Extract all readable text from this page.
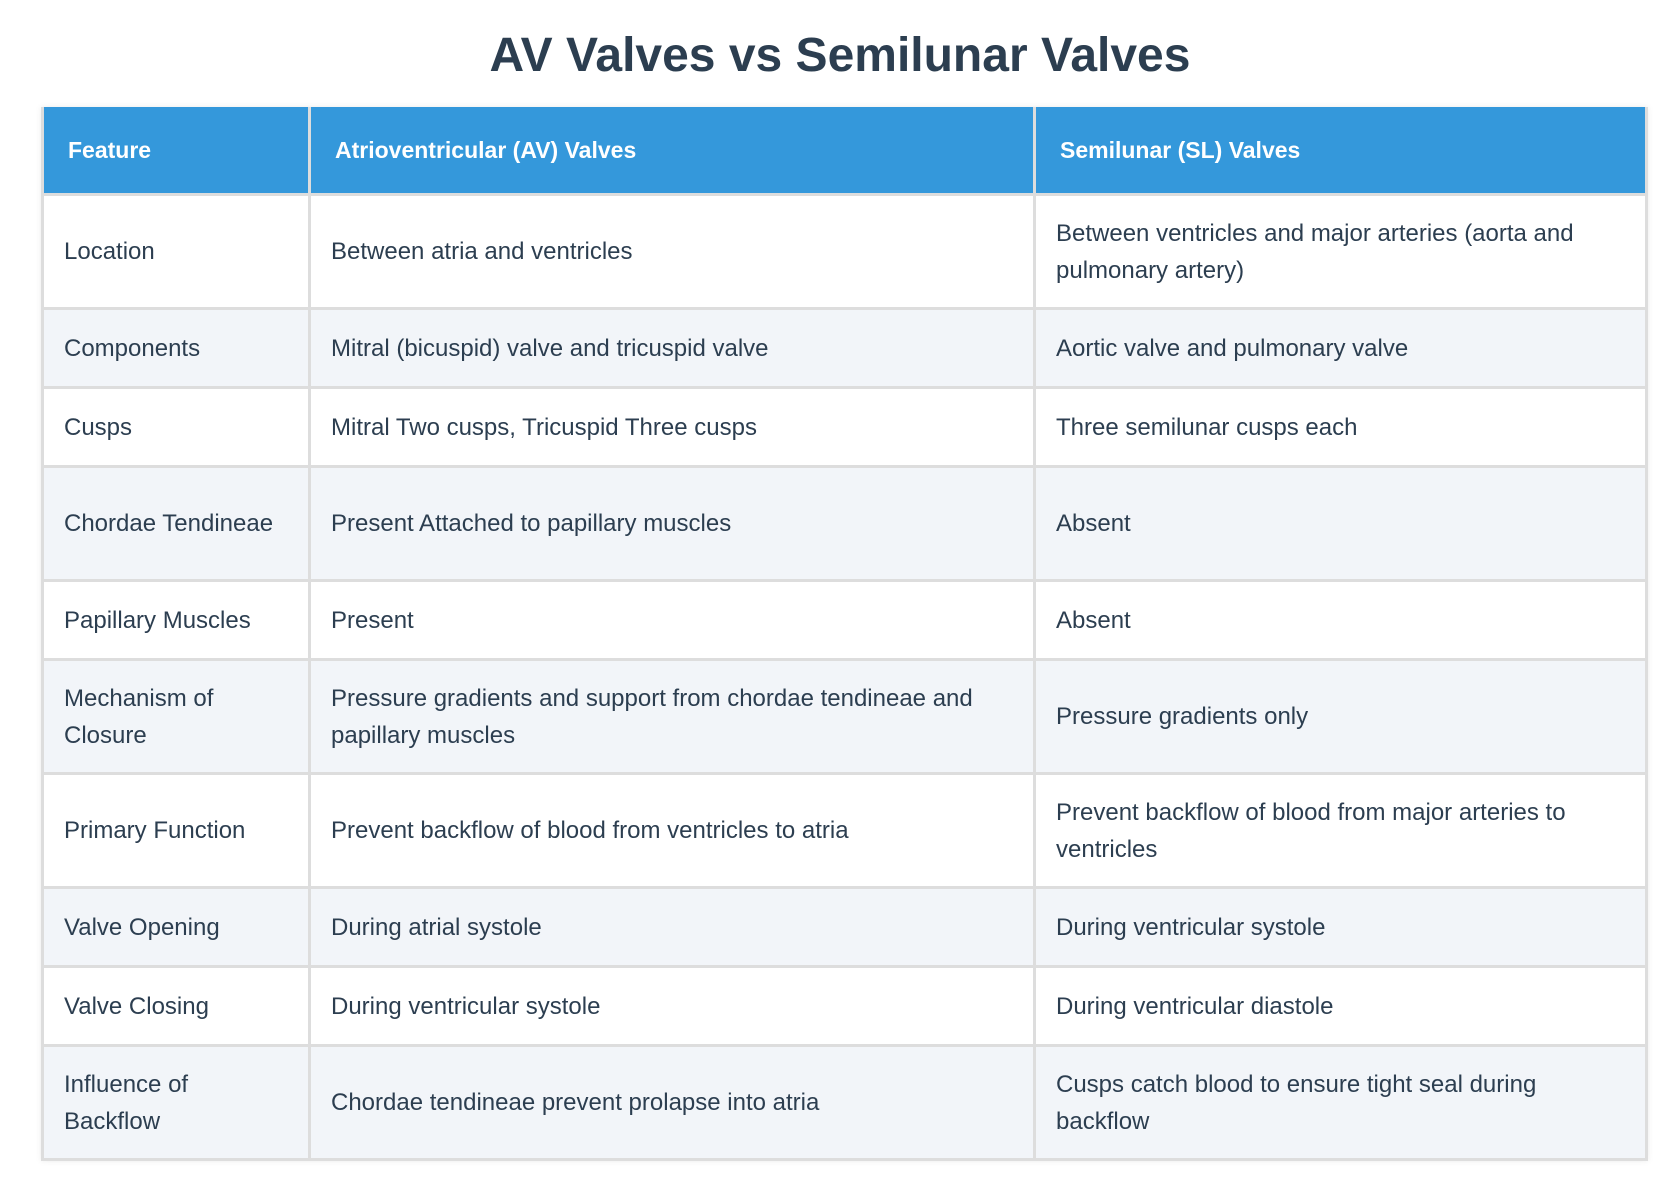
AV Valves vs Semilunar Valves
Feature	Atrioventricular (AV) Valves	Semilunar (SL) Valves
Location	Between atria and ventricles	Between ventricles and major arteries (aorta and pulmonary artery)
Components	Mitral (bicuspid) valve and tricuspid valve	Aortic valve and pulmonary valve
Cusps	Mitral Two cusps, Tricuspid Three cusps	Three semilunar cusps each
Chordae Tendineae	Present Attached to papillary muscles	Absent
Papillary Muscles	Present	Absent
Mechanism of Closure	Pressure gradients and support from chordae tendineae and papillary muscles	Pressure gradients only
Primary Function	Prevent backflow of blood from ventricles to atria	Prevent backflow of blood from major arteries to ventricles
Valve Opening	During atrial systole	During ventricular systole
Valve Closing	During ventricular systole	During ventricular diastole
Influence of Backflow	Chordae tendineae prevent prolapse into atria	Cusps catch blood to ensure tight seal during backflow
